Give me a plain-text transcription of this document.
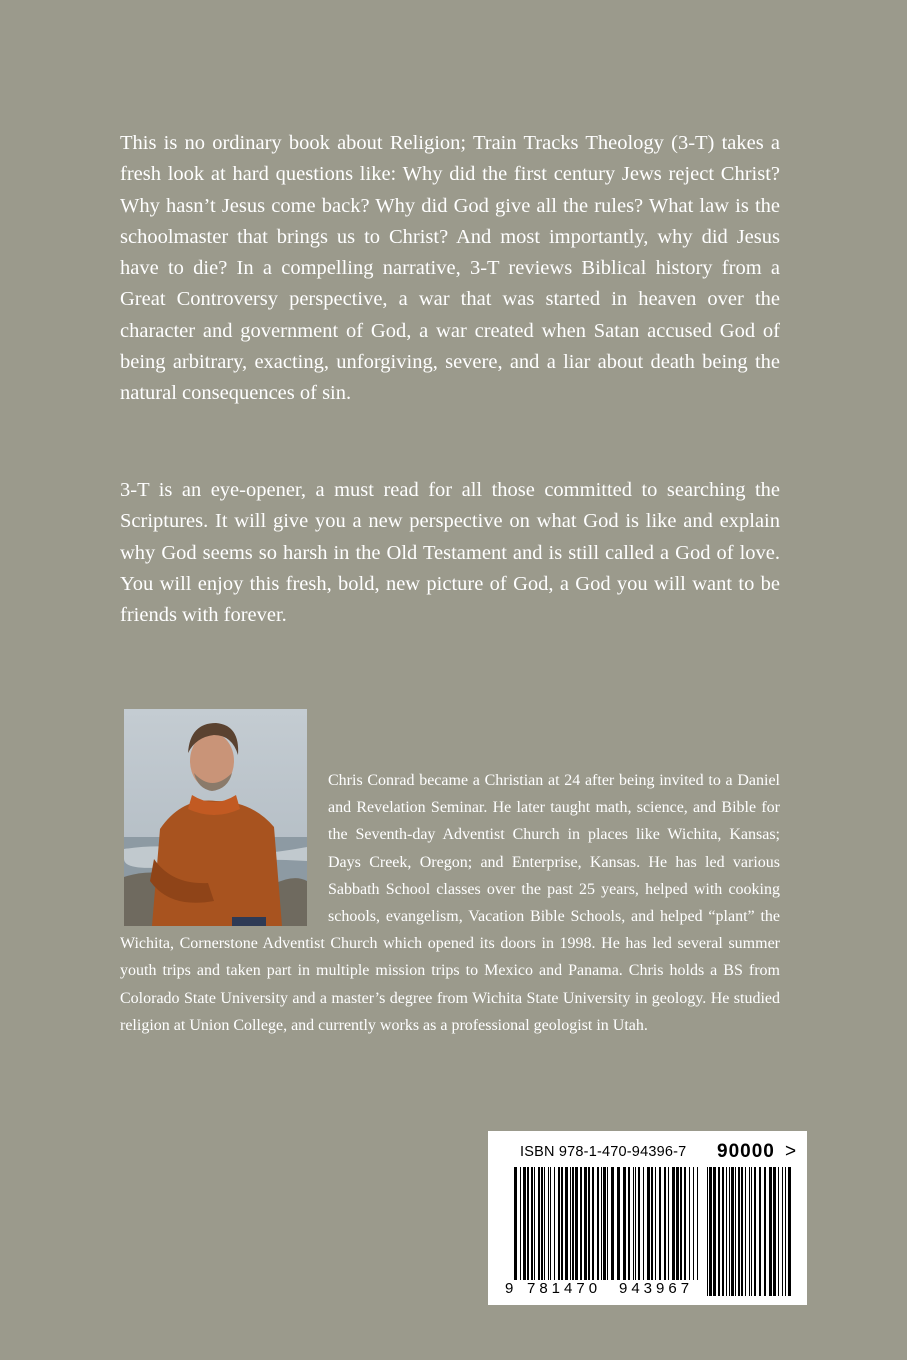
This is no ordinary book about Religion; Train Tracks Theology (3-T) takes a fresh look at hard questions like: Why did the first century Jews reject Christ? Why hasn’t Jesus come back? Why did God give all the rules? What law is the schoolmaster that brings us to Christ? And most importantly, why did Jesus have to die? In a compelling narrative, 3-T reviews Biblical history from a Great Controversy perspective, a war that was started in heaven over the character and government of God, a war created when Satan accused God of being arbitrary, exacting, unforgiving, severe, and a liar about death being the natural consequences of sin.

3-T is an eye-opener, a must read for all those committed to searching the Scriptures. It will give you a new perspective on what God is like and explain why God seems so harsh in the Old Testament and is still called a God of love. You will enjoy this fresh, bold, new picture of God, a God you will want to be friends with forever.

Chris Conrad became a Christian at 24 after being invited to a Daniel and Revelation Seminar. He later taught math, science, and Bible for the Seventh-day Adventist Church in places like Wichita, Kansas; Days Creek, Oregon; and Enterprise, Kansas. He has led various Sabbath School classes over the past 25 years, helped with cooking schools, evangelism, Vacation Bible Schools, and helped “plant” the Wichita, Cornerstone Adventist Church which opened its doors in 1998. He has led several summer youth trips and taken part in multiple mission trips to Mexico and Panama. Chris holds a BS from Colorado State University and a master’s degree from Wichita State University in geology. He studied religion at Union College, and currently works as a professional geologist in Utah.

ISBN 978-1-470-94396-7 90000 >
9 781470 943967
